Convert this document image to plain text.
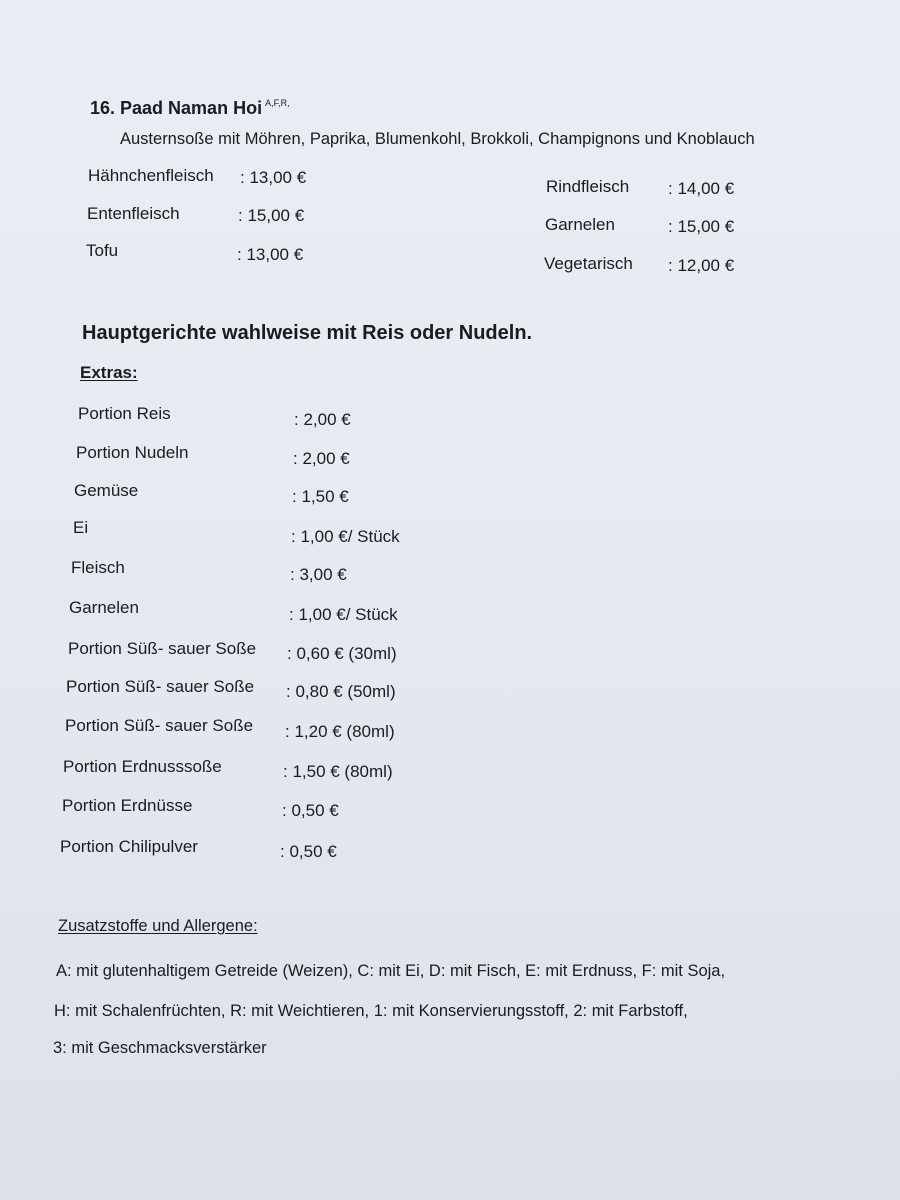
16. Paad Naman Hoi $^{A,F,R,}$
Austernsoße mit Möhren, Paprika, Blumenkohl, Brokkoli, Champignons und Knoblauch
Hähnchenfleisch : 13,00 €
Entenfleisch	: 15,00 €
Tofu	: 13,00 €
Rindfleisch : 14,00 €
Garnelen	: 15,00 €
Vegetarisch : 12,00 €
Hauptgerichte wahlweise mit Reis oder Nudeln.
Extras:
Portion Reis	: 2,00 €
Portion Nudeln	: 2,00 €
Gemüse	: 1,50 €
Ei	: 1,00 €/ Stück
Fleisch	: 3,00 €
Garnelen	: 1,00 €/ Stück
Portion Süß- sauer Soße : 0,60 € (30ml)
Portion Süß- sauer Soße : 0,80 € (50ml)
Portion Süß- sauer Soße : 1,20 € (80ml)
Portion Erdnusssoße	: 1,50 € (80ml)
Portion Erdnüsse	: 0,50 €
Portion Chilipulver	: 0,50 €
Zusatzstoffe und Allergene:
A: mit glutenhaltigem Getreide (Weizen), C: mit Ei, D: mit Fisch, E: mit Erdnuss, F: mit Soja,
H: mit Schalenfrüchten, R: mit Weichtieren, 1: mit Konservierungsstoff, 2: mit Farbstoff,
3: mit Geschmacksverstärker
